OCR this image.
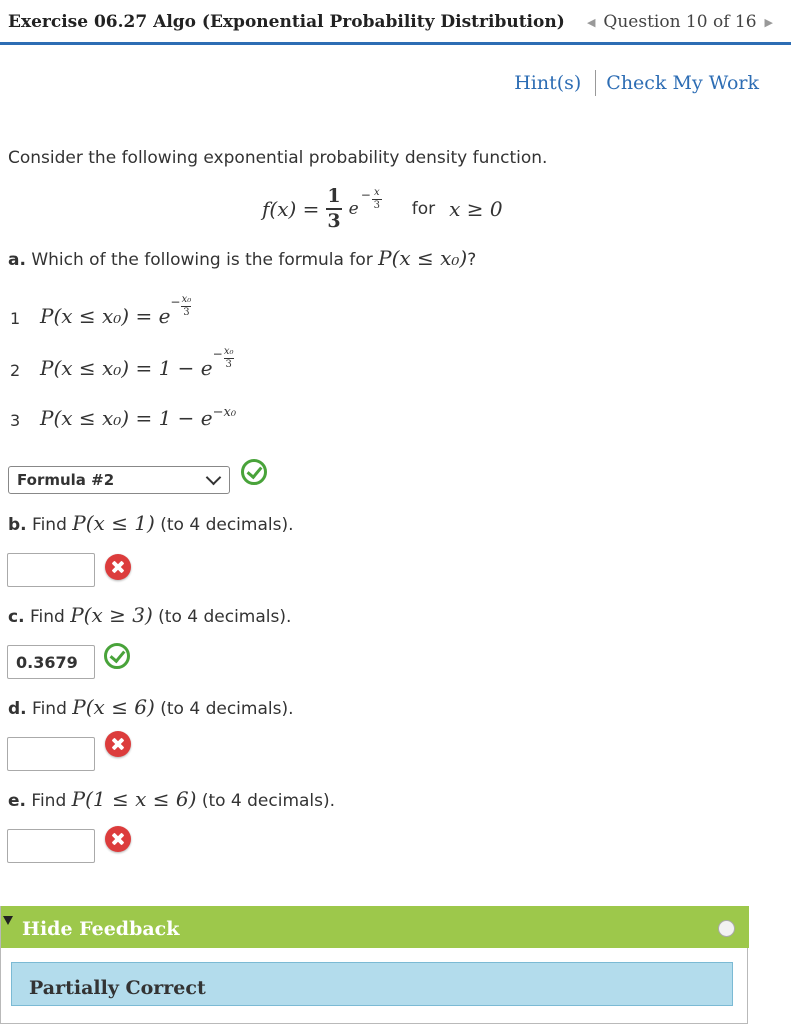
Exercise 06.27 Algo (Exponential Probability Distribution) ◀ Question 10 of 16 ▶
Hint(s) Check My Work
Consider the following exponential probability density function.
$f(x) = \frac{1}{3}$ e
− x
3 for x ≥ 0
a. Which of the following is the formula for P(x ≤ x₀)?
1 P(x ≤ x₀) = e
− x₀
3
2 P(x ≤ x₀) = 1 − e
− x₀
3
3 P(x ≤ x₀) = 1 − e −x₀
Formula #2
b. Find P(x ≤ 1) (to 4 decimals).
c. Find P(x ≥ 3) (to 4 decimals).
0.3679
d. Find P(x ≤ 6) (to 4 decimals).
e. Find P(1 ≤ x ≤ 6) (to 4 decimals).
Hide Feedback
Partially Correct
